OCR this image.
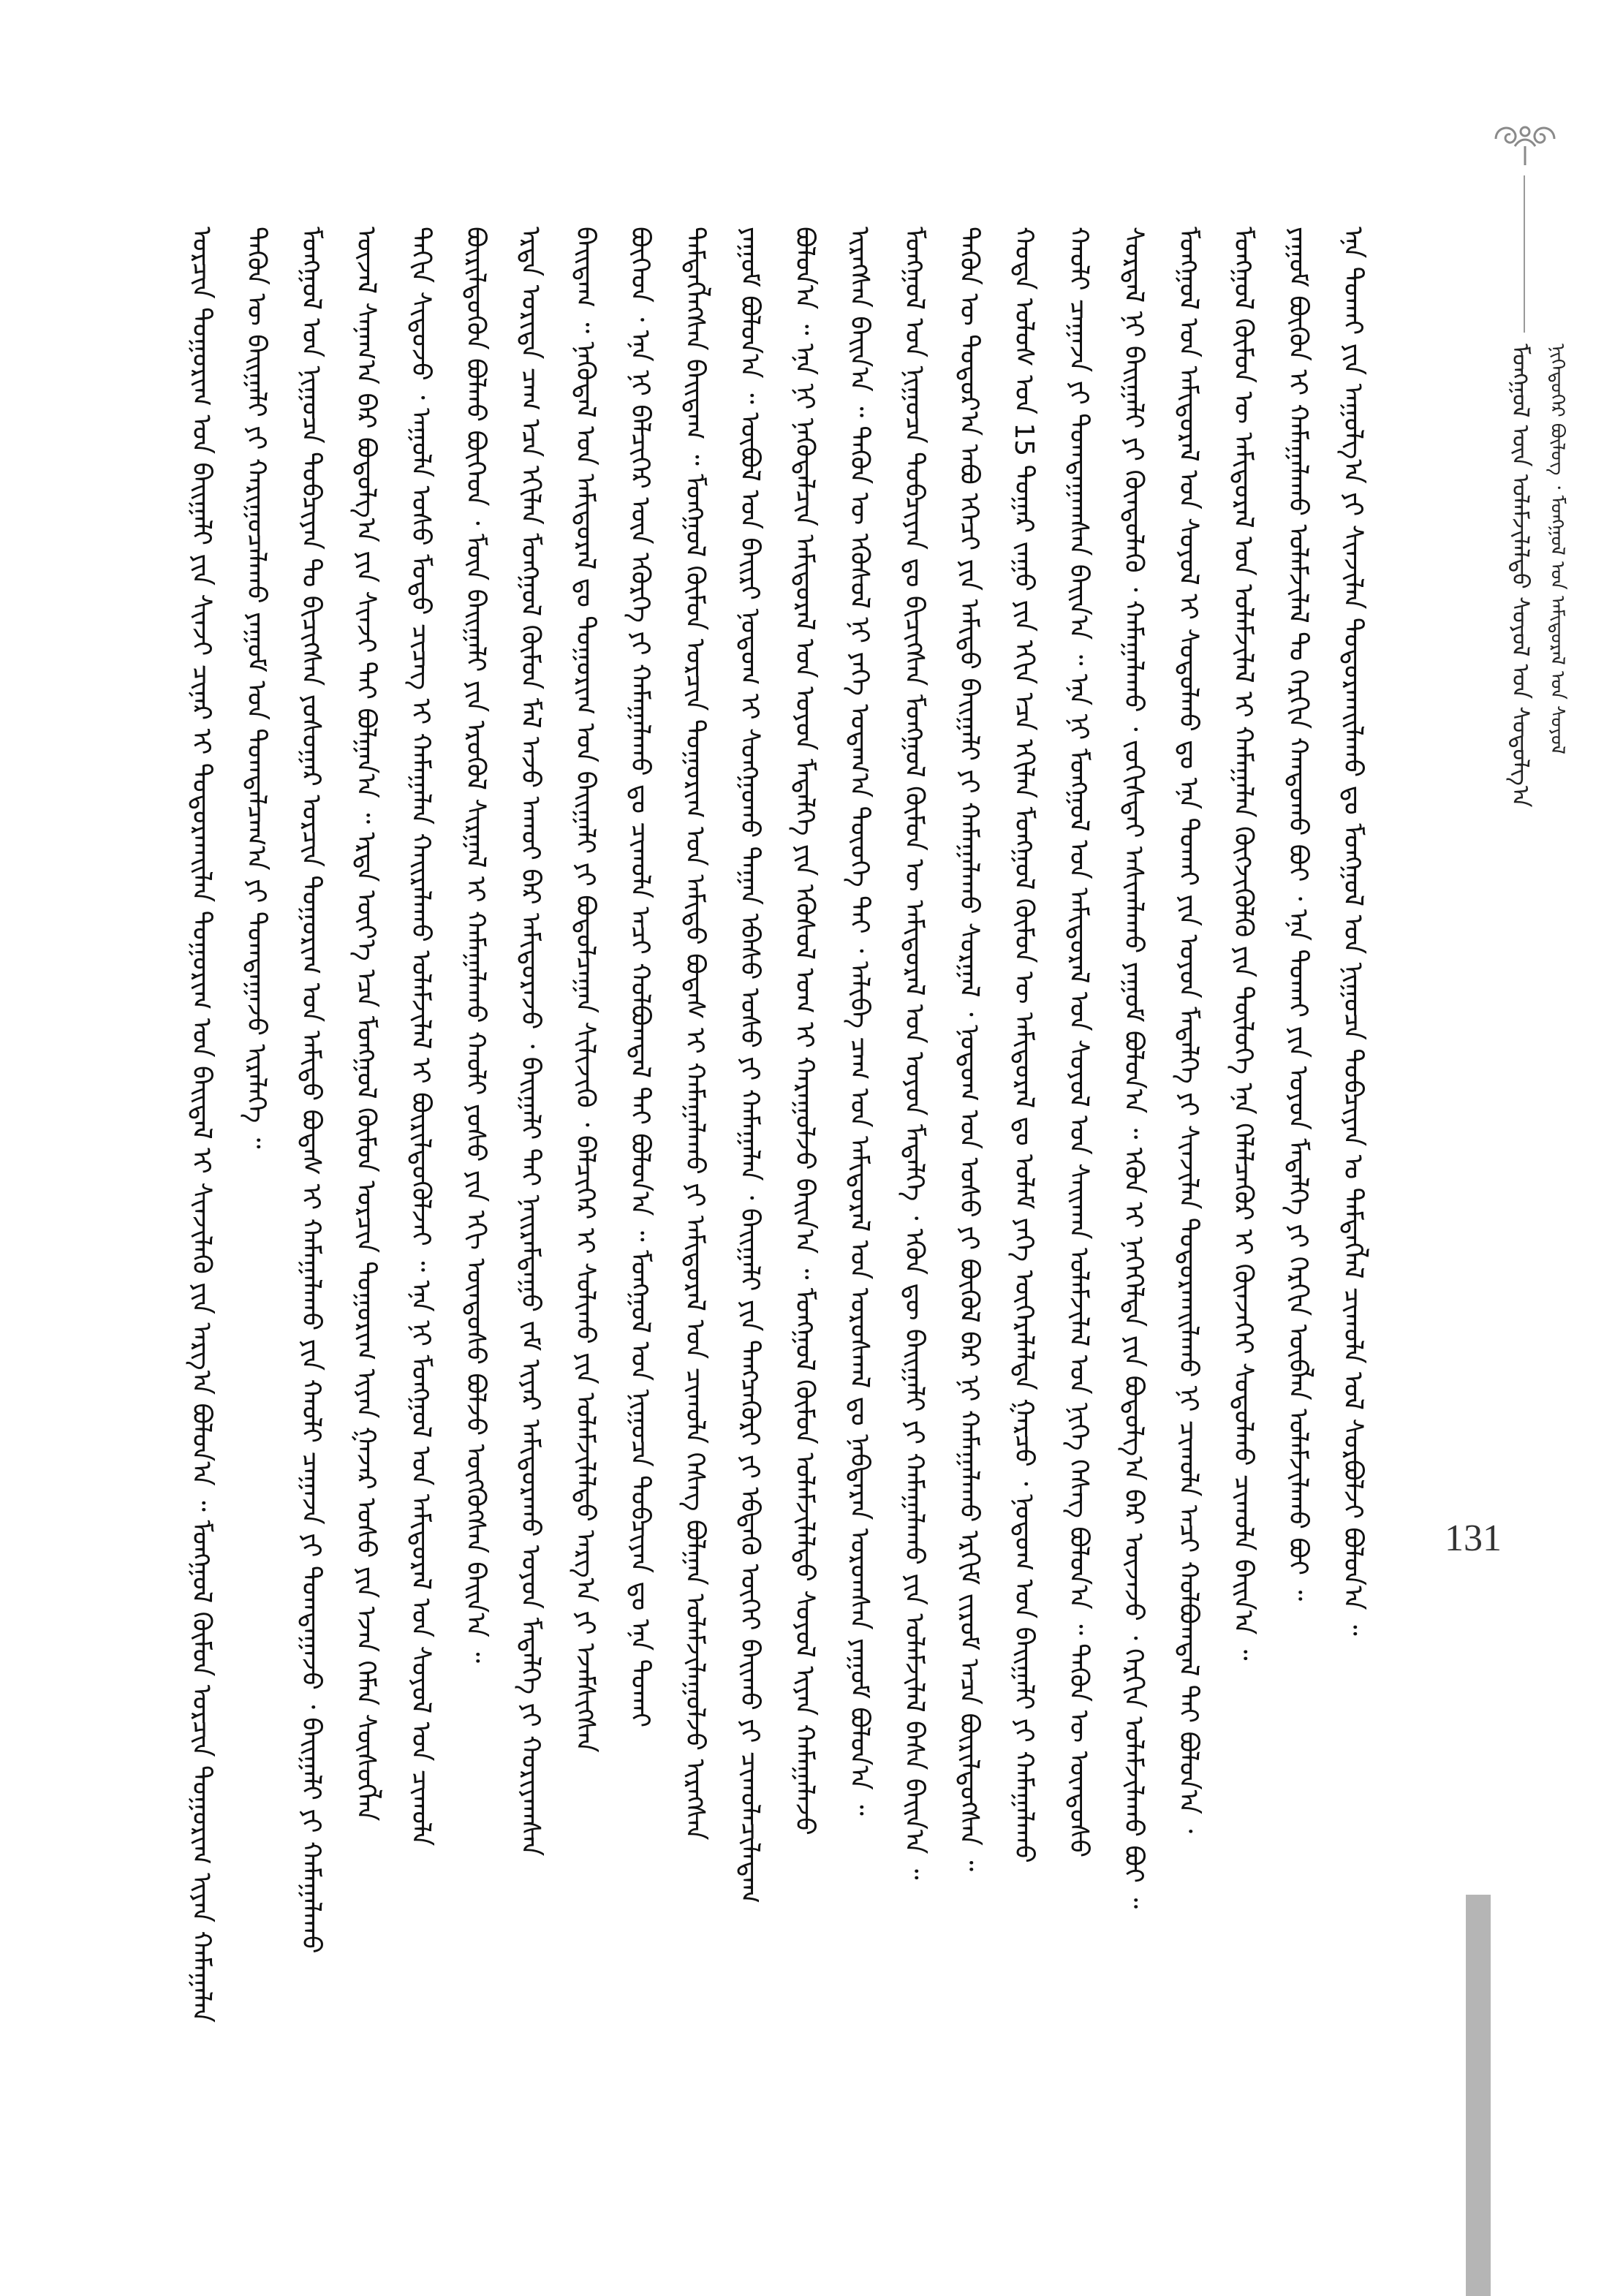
ᠮᠣᠩᠭᠣᠯ ᠦᠨ ᠤᠯᠠᠮᠵᠢᠯᠠᠯᠲᠤ ᠰᠤᠶᠤᠯ ᠤᠨ ᠰᠣᠳᠤᠯᠭ᠎ᠠ ᠨᠢᠭᠡᠳᠦᠭᠡᠷ ᠪᠦᠯᠦᠭ ᠂ ᠮᠣᠩᠭᠣᠯ ᠤᠨ ᠠᠮᠢᠳᠤᠷᠠᠯ ᠤᠨ ᠰᠣᠶᠣᠯ
ᠣᠷᠴᠢᠨ ᠲᠣᠭᠣᠷᠢᠭ ᠤᠨ ᠪᠠᠢᠭᠠᠯᠢ ᠶᠢᠨ ᠰᠢᠨᠵᠢ ᠴᠢᠨᠠᠷ ᠢ ᠲᠣᠳᠣᠷᠬᠠᠢᠯᠠᠨ ᠲᠣᠭᠣᠷᠢᠭ ᠤᠨ ᠪᠠᠢᠳᠠᠯ ᠢ ᠰᠢᠨᠵᠢᠯᠡᠬᠦ ᠶᠢᠨ ᠠᠷᠭ᠎ᠠ ᠪᠣᠯᠤᠨ᠎ᠠ ᠃ ᠮᠣᠩᠭᠣᠯ ᠬᠦᠮᠦᠨ ᠣᠷᠴᠢᠨ ᠲᠣᠭᠣᠷᠢᠭ ᠢᠶᠠᠨ ᠬᠠᠮᠠᠭᠠᠯᠠᠨ ᠲᠡᠭᠦᠨ ᠦ ᠪᠠᠢᠭᠠᠯᠢ ᠶᠢ ᠬᠠᠷᠢᠭᠤᠴᠠᠯᠠᠬᠤ ᠶᠠᠭᠤᠮ ᠤᠨ ᠲᠣᠭᠲᠠᠯᠴᠠᠭ᠎ᠠ ᠶᠢ ᠲᠣᠭᠲᠠᠭᠠᠵᠤ ᠢᠷᠡᠯᠡᠭᠡ ᠃ ᠮᠣᠩᠭᠣᠯ ᠤᠨ ᠨᠢᠭᠤᠴᠠ ᠲᠣᠪᠴᠢᠶᠠᠨ ᠲᠤ ᠪᠢᠴᠢᠭᠰᠡᠨ ᠶᠣᠰᠣᠭᠠᠷ ᠣᠷᠴᠢᠨ ᠲᠣᠭᠣᠷᠢᠭ ᠤᠨ ᠠᠮᠢᠳᠤ ᠪᠣᠳᠠᠰ ᠢ ᠬᠠᠮᠠᠭᠠᠯᠠᠬᠤ ᠶᠢᠨ ᠬᠠᠤᠯᠢ ᠴᠠᠭᠠᠵᠠ ᠶᠢ ᠲᠣᠭᠲᠠᠭᠠᠵᠤ ᠂ ᠪᠠᠢᠭᠠᠯᠢ ᠶᠢ ᠬᠠᠮᠠᠭᠠᠯᠠᠬᠤ ᠦᠵᠡᠯ ᠰᠠᠨᠠᠭ᠎ᠠ ᠪᠠᠷ ᠪᠣᠳᠤᠯᠭ᠎ᠠ ᠶᠢᠨ ᠰᠢᠨᠵᠢ ᠲᠠᠢ ᠪᠣᠯᠭᠠᠨ᠎ᠠ ᠃ ᠡᠷᠲᠡ ᠦᠶ᠎ᠡ ᠡᠴᠡ ᠮᠣᠩᠭᠣᠯ ᠬᠦᠮᠦᠨ ᠣᠷᠴᠢᠨ ᠲᠣᠭᠣᠷᠢᠭ ᠢᠶᠠᠨ ᠭᠠᠵᠠᠷ ᠤᠰᠤ ᠶᠢᠨ ᠡᠵᠡᠨ ᠬᠡᠮᠡᠨ ᠰᠦᠰᠦᠭᠯᠡᠨ ᠲᠠᠬᠢᠨ ᠰᠢᠲᠦᠵᠦ ᠂ ᠠᠭᠤᠯᠠ ᠤᠰᠤ ᠮᠣᠳᠣ ᠴᠢᠴᠡᠭ ᠢ ᠬᠠᠮᠠᠭᠠᠯᠠᠨ ᠬᠠᠢᠷᠠᠯᠠᠬᠤ ᠤᠯᠠᠮᠵᠢᠯᠠᠯ ᠢ ᠪᠦᠷᠢᠯᠳᠦᠭᠦᠯᠵᠡᠢ ᠃ ᠡᠨᠡ ᠨᠢ ᠮᠣᠩᠭᠣᠯ ᠤᠨ ᠠᠮᠢᠳᠤᠷᠠᠯ ᠤᠨ ᠰᠤᠶᠤᠯ ᠤᠨ ᠴᠢᠬᠤᠯᠠ ᠪᠦᠷᠢᠯᠳᠦᠬᠦᠨ ᠪᠣᠯᠬᠤ ᠪᠥᠭᠡᠳ ᠂ ᠮᠥᠨ ᠪᠠᠢᠭᠠᠯᠢ ᠶᠢᠨ ᠡᠷᠦᠭᠦᠯ ᠰᠢᠷᠭᠠᠯ ᠢ ᠬᠠᠮᠠᠭᠠᠯᠠᠬᠤ ᠬᠠᠤᠯᠢ ᠶᠣᠰᠣ ᠶᠢᠨ ᠡᠬᠢ ᠦᠨᠳᠦᠰᠦ ᠪᠣᠯᠵᠤ ᠥᠭᠭᠦᠭᠰᠡᠨ ᠪᠠᠢᠨ᠎ᠠ ᠃ ᠡᠷᠲᠡ ᠤᠷᠢᠳᠠ ᠴᠠᠭ ᠡᠴᠡ ᠡᠬᠢᠯᠡᠨ ᠮᠣᠩᠭᠣᠯ ᠬᠦᠮᠦᠨ ᠮᠠᠯ ᠠᠵᠤ ᠠᠬᠤᠢ ᠪᠠᠷ ᠠᠮᠢᠳᠤᠷᠠᠵᠤ ᠂ ᠪᠠᠢᠭᠠᠯᠢ ᠲᠠᠢ ᠨᠠᠢᠷᠠᠮᠳᠠᠭᠤ ᠵᠠᠮ ᠢᠶᠠᠷ ᠠᠮᠢᠳᠤᠷᠠᠬᠤ ᠤᠶᠤᠨ ᠮᠡᠳᠡᠯᠭᠡ ᠶᠢ ᠬᠤᠷᠢᠶᠠᠭᠰᠠᠨ ᠪᠠᠢᠳᠠᠭ ᠃ ᠨᠡᠭᠦᠳᠡᠯ ᠤᠨ ᠠᠮᠢᠳᠤᠷᠠᠯ ᠳᠤ ᠲᠣᠭᠣᠷᠢᠭ ᠤᠨ ᠪᠠᠢᠭᠠᠯᠢ ᠶᠢ ᠪᠣᠳᠣᠯᠴᠠᠭᠠᠨ ᠰᠢᠯᠢᠵᠢᠬᠦ ᠂ ᠪᠡᠯᠴᠢᠭᠡᠷ ᠢ ᠰᠣᠯᠢᠬᠤ ᠶᠢᠨ ᠤᠯᠠᠮᠵᠢᠯᠠᠯᠲᠤ ᠠᠷᠭ᠎ᠠ ᠶᠢ ᠡᠵᠡᠮᠰᠢᠭᠰᠡᠨ ᠪᠥᠭᠡᠳ ᠂ ᠡᠨᠡ ᠨᠢ ᠪᠡᠯᠴᠢᠭᠡᠷ ᠦᠨ ᠡᠭᠦᠷᠭᠡ ᠶᠢ ᠬᠠᠮᠠᠭᠠᠯᠠᠬᠤ ᠳᠤ ᠴᠢᠬᠤᠯᠠ ᠠᠴᠢ ᠬᠣᠯᠪᠣᠭᠳᠠᠯ ᠲᠠᠢ ᠪᠣᠯᠤᠨ᠎ᠠ ᠃ ᠮᠣᠩᠭᠣᠯ ᠤᠨ ᠨᠢᠭᠤᠴᠠ ᠲᠣᠪᠴᠢᠶᠠᠨ ᠳᠤ ᠡᠨᠡ ᠲᠤᠬᠠᠢ ᠲᠡᠮᠳᠡᠭᠯᠡᠭᠰᠡᠨ ᠪᠠᠢᠳᠠᠭ ᠃ ᠮᠣᠩᠭᠣᠯ ᠬᠦᠮᠦᠨ ᠣᠷᠴᠢᠨ ᠲᠣᠭᠣᠷᠢᠭ ᠤᠨ ᠠᠮᠢᠳᠤ ᠪᠣᠳᠠᠰ ᠢ ᠬᠠᠮᠠᠭᠠᠯᠠᠬᠤ ᠶᠢ ᠠᠮᠢᠳᠤᠷᠠᠯ ᠤᠨ ᠴᠢᠬᠤᠯᠠ ᠬᠡᠰᠡᠭ ᠪᠣᠯᠭᠠᠨ ᠤᠯᠠᠮᠵᠢᠯᠠᠭᠤᠯᠵᠤ ᠢᠷᠡᠭᠰᠡᠨ ᠶᠠᠭᠤᠮ ᠪᠣᠯᠤᠨ᠎ᠠ ᠃ ᠦᠪᠦᠯ ᠤᠨ ᠪᠠᠢᠷᠢ ᠨᠤᠲᠤᠭ ᠢ ᠰᠤᠩᠭᠤᠬᠤ ᠳᠠᠭᠠᠨ ᠡᠪᠡᠰᠦ ᠤᠰᠤ ᠶᠢ ᠬᠠᠮᠠᠭᠠᠯᠠᠨ ᠂ ᠪᠠᠢᠭᠠᠯᠢ ᠶᠢᠨ ᠲᠡᠩᠴᠡᠭᠦᠷᠢ ᠶᠢ ᠡᠪᠳᠡᠬᠦ ᠦᠭᠡᠢ ᠪᠠᠢᠬᠤ ᠶᠢ ᠴᠢᠬᠤᠯᠠᠴᠢᠯᠠᠳᠠᠭ ᠪᠣᠯᠤᠨ᠎ᠠ ᠃ ᠡᠨᠡ ᠨᠢ ᠨᠡᠭᠦᠳᠡᠯᠴᠢᠨ ᠠᠮᠢᠳᠤᠷᠠᠯ ᠤᠨ ᠤᠶᠤᠨ ᠮᠡᠳᠡᠯᠭᠡ ᠶᠢᠨ ᠡᠭᠦᠰᠦᠯ ᠤᠭ ᠢ ᠬᠠᠷᠠᠭᠤᠯᠵᠤ ᠪᠠᠢᠨ᠎ᠠ ᠃ ᠮᠣᠩᠭᠣᠯ ᠬᠦᠮᠦᠨ ᠤᠯᠠᠮᠵᠢᠯᠠᠯᠲᠤ ᠰᠤᠶᠤᠯ ᠢᠶᠠᠨ ᠬᠠᠮᠠᠭᠠᠯᠠᠵᠤ ᠢᠷᠡᠭᠰᠡᠨ ᠪᠠᠢᠨ᠎ᠠ ᠃ ᠲᠡᠭᠦᠨ ᠦ ᠡᠭᠦᠰᠦᠯ ᠨᠢ ᠶᠡᠬᠡ ᠤᠳᠠᠭ᠎ᠠ ᠲᠦᠦᠬᠡ ᠲᠠᠢ ᠂ ᠠᠯᠢᠪᠠ ᠴᠠᠭ ᠤᠨ ᠠᠮᠢᠳᠤᠷᠠᠯ ᠤᠨ ᠤᠷᠤᠰᠬᠠᠯ ᠳᠤ ᠨᠡᠪᠲᠡᠷᠡᠨ ᠣᠷᠣᠭᠰᠠᠨ ᠶᠠᠭᠤᠮ ᠪᠣᠯᠤᠨ᠎ᠠ ᠃ ᠮᠣᠩᠭᠣᠯ ᠤᠨ ᠨᠢᠭᠤᠴᠠ ᠲᠣᠪᠴᠢᠶᠠᠨ ᠳᠤ ᠪᠢᠴᠢᠭᠰᠡᠨ ᠮᠣᠩᠭᠣᠯ ᠬᠦᠮᠦᠨ ᠦ ᠠᠮᠢᠳᠤᠷᠠᠯ ᠤᠨ ᠤᠶᠤᠨ ᠮᠡᠳᠡᠯᠭᠡ ᠂ ᠡᠭᠦᠨ ᠳᠦ ᠪᠠᠢᠭᠠᠯᠢ ᠶᠢ ᠬᠠᠮᠠᠭᠠᠯᠠᠬᠤ ᠶᠢᠨ ᠤᠯᠠᠮᠵᠢᠯᠠᠯ ᠪᠠᠰᠠ ᠪᠠᠢᠨ᠎ᠠ ᠃ ᠲᠡᠭᠦᠨ ᠦ ᠳᠣᠲᠣᠷ᠎ᠠ ᠠᠪᠤ ᠡᠭᠡᠴᠢ ᠶᠢᠨ ᠠᠮᠢᠳᠤ ᠪᠠᠢᠭᠠᠯᠢ ᠶᠢ ᠬᠠᠮᠠᠭᠠᠯᠠᠬᠤ ᠰᠤᠷᠭᠠᠯ ᠂ ᠨᠤᠲᠤᠭ ᠤᠨ ᠤᠰᠤ ᠶᠢ ᠪᠦᠬᠦᠯ ᠪᠠᠷ ᠨᠢ ᠬᠠᠮᠠᠭᠠᠯᠠᠬᠤ ᠡᠷᠭᠢᠮ ᠵᠢᠷᠤᠮ ᠠᠴᠠ ᠪᠦᠷᠢᠯᠳᠦᠭᠰᠡᠨ ᠃ ᠬᠣᠲᠠ ᠤᠯᠤᠰ ᠤᠨ 15 ᠳᠤᠭᠠᠷ ᠵᠠᠭᠤ ᠶᠢᠨ ᠡᠬᠢᠨ ᠡᠴᠡ ᠡᠬᠢᠯᠡᠨ ᠮᠣᠩᠭᠣᠯ ᠬᠦᠮᠦᠨ ᠦ ᠠᠮᠢᠳᠤᠷᠠᠯ ᠳᠤ ᠤᠯᠠᠮ ᠶᠡᠬᠡ ᠥᠭᠡᠷᠡᠯᠡᠯᠲᠡ ᠭᠠᠷᠴᠤ ᠂ ᠨᠤᠲᠤᠭ ᠤᠨ ᠪᠠᠢᠭᠠᠯᠢ ᠶᠢ ᠬᠠᠮᠠᠭᠠᠯᠠᠬᠤ ᠬᠠᠤᠯᠢ ᠴᠠᠭᠠᠵᠠ ᠶᠢ ᠲᠣᠭᠲᠠᠭᠠᠭᠰᠠᠨ ᠪᠠᠢᠨ᠎ᠠ ᠃ ᠡᠨᠡ ᠨᠢ ᠮᠣᠩᠭᠣᠯ ᠤᠨ ᠠᠮᠢᠳᠤᠷᠠᠯ ᠤᠨ ᠰᠤᠶᠤᠯ ᠤᠨ ᠰᠠᠢᠬᠠᠨ ᠤᠯᠠᠮᠵᠢᠯᠠᠯ ᠤᠨ ᠨᠢᠭᠡ ᠬᠡᠰᠡᠭ ᠪᠣᠯᠤᠨ᠎ᠠ ᠃ ᠲᠡᠭᠦᠨ ᠦ ᠦᠨᠳᠦᠰᠦ ᠰᠤᠷᠲᠠᠯ ᠨᠢ ᠪᠠᠢᠭᠠᠯᠢ ᠶᠢ ᠬᠦᠨᠳᠦᠯᠡᠬᠦ ᠂ ᠬᠠᠮᠠᠭᠠᠯᠠᠬᠤ ᠂ ᠵᠣᠬᠢᠰᠲᠠᠢ ᠠᠰᠢᠭᠯᠠᠬᠤ ᠶᠠᠭᠤᠮ ᠪᠣᠯᠤᠨ᠎ᠠ ᠃ ᠡᠭᠦᠨ ᠢ ᠨᠡᠭᠡᠭᠡᠯᠲᠡ ᠶᠢᠨ ᠪᠣᠳᠣᠯᠭ᠎ᠠ ᠪᠠᠷ ᠦᠵᠡᠵᠦ ᠂ ᠬᠡᠷᠬᠢᠨ ᠤᠯᠠᠮᠵᠢᠯᠠᠬᠤ ᠪᠣᠢ ᠃ ᠮᠣᠩᠭᠣᠯ ᠤᠨ ᠠᠮᠢᠳᠤᠷᠠᠯ ᠤᠨ ᠰᠤᠶᠤᠯ ᠢ ᠰᠤᠳᠤᠯᠬᠤ ᠳᠤ ᠡᠨᠡ ᠲᠤᠬᠠᠢ ᠶᠢᠨ ᠤᠶᠤᠨ ᠮᠡᠳᠡᠯᠭᠡ ᠶᠢ ᠰᠢᠨᠵᠢᠯᠡᠨ ᠲᠣᠳᠣᠷᠬᠠᠢᠯᠠᠬᠤ ᠨᠢ ᠴᠢᠬᠤᠯᠠ ᠠᠴᠢ ᠬᠣᠯᠪᠣᠭᠳᠠᠯ ᠲᠠᠢ ᠪᠣᠯᠤᠨ᠎ᠠ ᠂ ᠮᠣᠩᠭᠣᠯ ᠬᠦᠮᠦᠨ ᠦ ᠠᠮᠢᠳᠤᠷᠠᠯ ᠤᠨ ᠤᠯᠠᠮᠵᠢᠯᠠᠯ ᠢ ᠬᠠᠮᠠᠭᠠᠯᠠᠨ ᠬᠥᠭᠵᠢᠭᠦᠯᠬᠦ ᠶᠢᠨ ᠲᠥᠯᠦᠭᠡ ᠡᠨᠡ ᠬᠡᠯᠡᠯᠴᠡᠭᠦᠷ ᠢ ᠭᠦᠨᠵᠡᠭᠡᠢ ᠰᠤᠳᠤᠯᠬᠤ ᠴᠢᠬᠤᠯᠠ ᠪᠠᠢᠨ᠎ᠠ ᠃ ᠶᠠᠭᠤᠮ ᠪᠦᠬᠦᠨ ᠢ ᠬᠠᠮᠠᠭᠠᠯᠠᠬᠤ ᠤᠯᠠᠮᠵᠢᠯᠠᠯ ᠲᠤ ᠬᠡᠷᠬᠢᠨ ᠬᠠᠨᠳᠤᠬᠤ ᠪᠣᠢ ᠂ ᠡᠨᠡ ᠲᠤᠬᠠᠢ ᠶᠢᠨ ᠤᠶᠤᠨ ᠮᠡᠳᠡᠯᠭᠡ ᠶᠢ ᠬᠡᠷᠬᠢᠨ ᠥᠪᠯᠡᠨ ᠤᠯᠠᠮᠵᠢᠯᠠᠬᠤ ᠪᠣᠢ ᠃ ᠡᠨᠡ ᠲᠤᠬᠠᠢ ᠶᠢᠨ ᠠᠭᠤᠯᠭ᠎ᠠ ᠶᠢ ᠰᠢᠨᠵᠢᠯᠡᠨ ᠲᠣᠳᠣᠷᠬᠠᠢᠯᠠᠬᠤ ᠳᠤ ᠮᠣᠩᠭᠣᠯ ᠤᠨ ᠨᠢᠭᠤᠴᠠ ᠲᠣᠪᠴᠢᠶᠠᠨ ᠤ ᠲᠡᠮᠳᠡᠭᠯᠡᠯ ᠴᠢᠬᠤᠯᠠ ᠤᠯ ᠰᠤᠷᠪᠤᠯᠵᠢ ᠪᠣᠯᠤᠨ᠎ᠠ ᠃	131
